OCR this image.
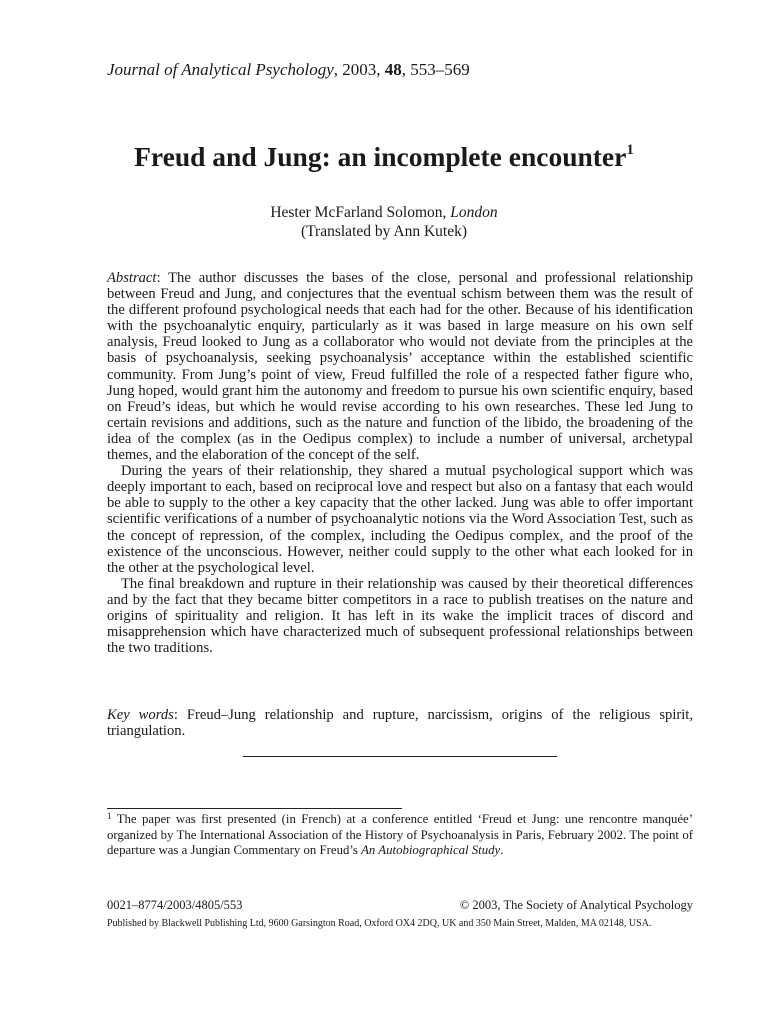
Journal of Analytical Psychology, 2003, 48, 553–569
Freud and Jung: an incomplete encounter$^1$
Hester McFarland Solomon, London
(Translated by Ann Kutek)

Abstract: The author discusses the bases of the close, personal and professional relationship between Freud and Jung, and conjectures that the eventual schism between them was the result of the different profound psychological needs that each had for the other. Because of his identification with the psychoanalytic enquiry, particularly as it was based in large measure on his own self analysis, Freud looked to Jung as a collaborator who would not deviate from the principles at the basis of psychoanalysis, seeking psychoanalysis’ acceptance within the established scientific community. From Jung’s point of view, Freud fulfilled the role of a respected father figure who, Jung hoped, would grant him the autonomy and freedom to pursue his own scientific enquiry, based on Freud’s ideas, but which he would revise according to his own researches. These led Jung to certain revisions and additions, such as the nature and function of the libido, the broadening of the idea of the complex (as in the Oedipus complex) to include a number of universal, archetypal themes, and the elaboration of the concept of the self.

During the years of their relationship, they shared a mutual psychological support which was deeply important to each, based on reciprocal love and respect but also on a fantasy that each would be able to supply to the other a key capacity that the other lacked. Jung was able to offer important scientific verifications of a number of psychoanalytic notions via the Word Association Test, such as the concept of repression, of the complex, including the Oedipus complex, and the proof of the existence of the unconscious. However, neither could supply to the other what each looked for in the other at the psychological level.

The final breakdown and rupture in their relationship was caused by their theoretical differences and by the fact that they became bitter competitors in a race to publish treatises on the nature and origins of spirituality and religion. It has left in its wake the implicit traces of discord and misapprehension which have characterized much of subsequent professional relationships between the two traditions.

Key words: Freud–Jung relationship and rupture, narcissism, origins of the religious spirit, triangulation.
$^1$ The paper was first presented (in French) at a conference entitled ‘Freud et Jung: une rencontre manquée’ organized by The International Association of the History of Psychoanalysis in Paris, February 2002. The point of departure was a Jungian Commentary on Freud’s An Autobiographical Study.
0021–8774/2003/4805/553	© 2003, The Society of Analytical Psychology
Published by Blackwell Publishing Ltd, 9600 Garsington Road, Oxford OX4 2DQ, UK and 350 Main Street, Malden, MA 02148, USA.
